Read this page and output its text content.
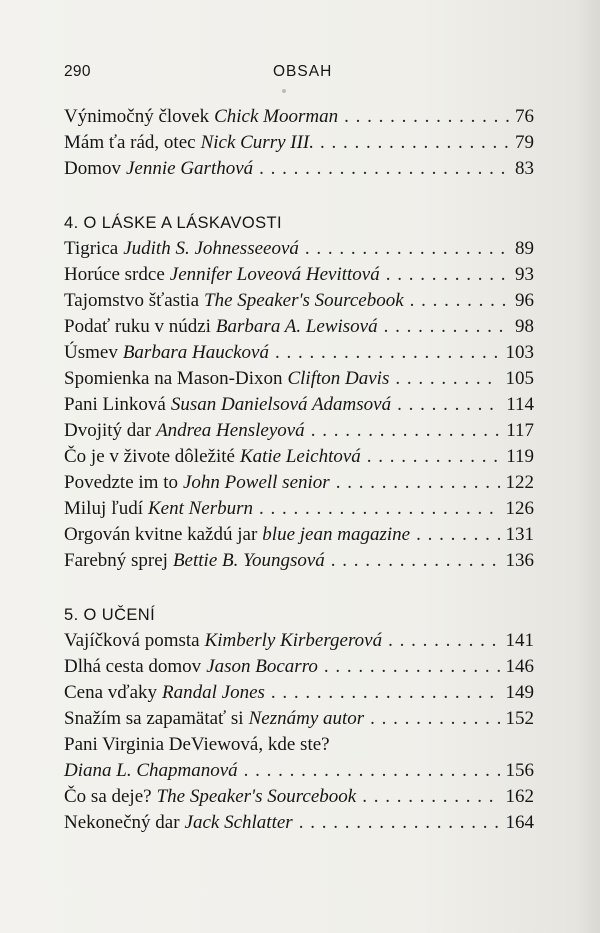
290	OBSAH
Výnimočný človek Chick Moorman . . .	76
Mám ťa rád, otec Nick Curry III. . . .	79
Domov Jennie Garthová . . .	83
4. O LÁSKE A LÁSKAVOSTI
Tigrica Judith S. Johnesseeová . . .	89
Horúce srdce Jennifer Loveová Hevittová . . .	93
Tajomstvo šťastia The Speaker's Sourcebook . . .	96
Podať ruku v núdzi Barbara A. Lewisová . . .	98
Úsmev Barbara Haucková . . .	103
Spomienka na Mason-Dixon Clifton Davis . . .	105
Pani Linková Susan Danielsová Adamsová . . .	114
Dvojitý dar Andrea Hensleyová . . .	117
Čo je v živote dôležité Katie Leichtová . . .	119
Povedzte im to John Powell senior . . .	122
Miluj ľudí Kent Nerburn . . .	126
Orgován kvitne každú jar blue jean magazine . . .	131
Farebný sprej Bettie B. Youngsová . . .	136
5. O UČENÍ
Vajíčková pomsta Kimberly Kirbergerová . . .	141
Dlhá cesta domov Jason Bocarro . . .	146
Cena vďaky Randal Jones . . .	149
Snažím sa zapamätať si Neznámy autor . . .	152
Pani Virginia DeViewová, kde ste?
Diana L. Chapmanová . . .	156
Čo sa deje? The Speaker's Sourcebook . . .	162
Nekonečný dar Jack Schlatter . . .	164
